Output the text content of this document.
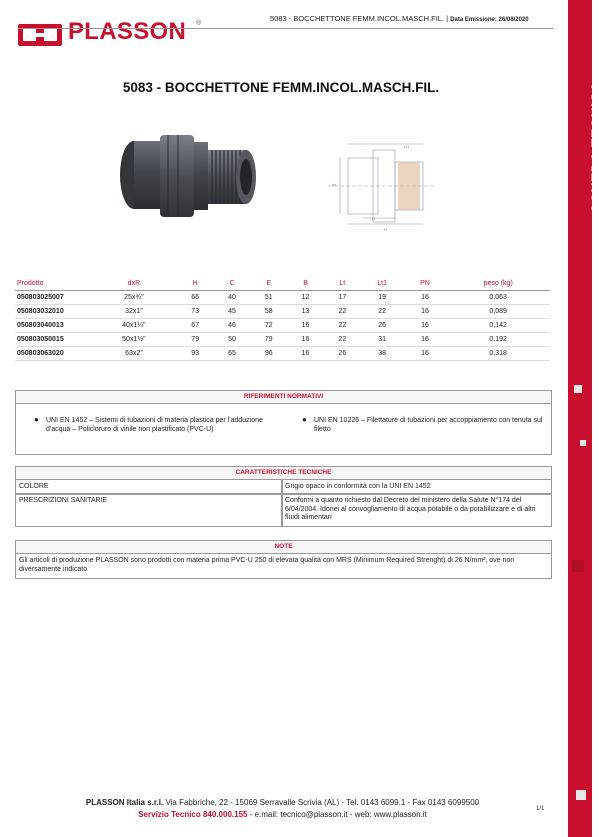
PLASSON ®
5083 - BOCCHETTONE FEMM.INCOL.MASCH.FIL. | Data Emissione: 26/08/2020
SCHEDA TECNICA
5083 - BOCCHETTONE FEMM.INCOL.MASCH.FIL.
Lt1
Lt
H
dx
Prodotto	dxR	H	C	E	B	Lt	Lt1	PN	peso (kg)
050803025007	25x¾"	66	40	51	12	17	19	16	0,063
050803032010	32x1"	73	45	58	13	22	22	16	0,089
050803040013	40x1¼"	67	46	72	16	22	26	16	0,142
050803050015	50x1½"	79	50	79	16	22	31	16	0,192
050803063020	63x2"	93	65	96	16	26	38	16	0,318
RIFERIMENTI NORMATIVI
● UNI EN 1452 – Sistemi di tubazioni di materia plastica per l'adduzione d'acqua – Policloruro di vinile non plastificato (PVC-U)
● UNI EN 10226 – Filettature di tubazioni per accoppiamento con tenuta sul filetto
CARATTERISTICHE TECNICHE
COLORE	Grigio opaco in conformità con la UNI EN 1452
PRESCRIZIONI SANITARIE	Conformi a quanto richiesto dal Decreto del ministero della Salute N°174 del 6/04/2004. Idonei al convogliamento di acqua potabile o da potabilizzare e di altri fluidi alimentari
NOTE
Gli articoli di produzione PLASSON sono prodotti con materia prima PVC-U 250 di elevata qualità con MRS (Minimum Required Strenght) di 26 N/mm², ove non diversamente indicato
PLASSON Italia s.r.l. Via Fabbriche, 22 - 15069 Serravalle Scrivia (AL) - Tel. 0143 6099.1 - Fax 0143 6099500
Servizio Tecnico 840.000.155 - e.mail: tecnico@plasson.it - web: www.plasson.it
1/1
